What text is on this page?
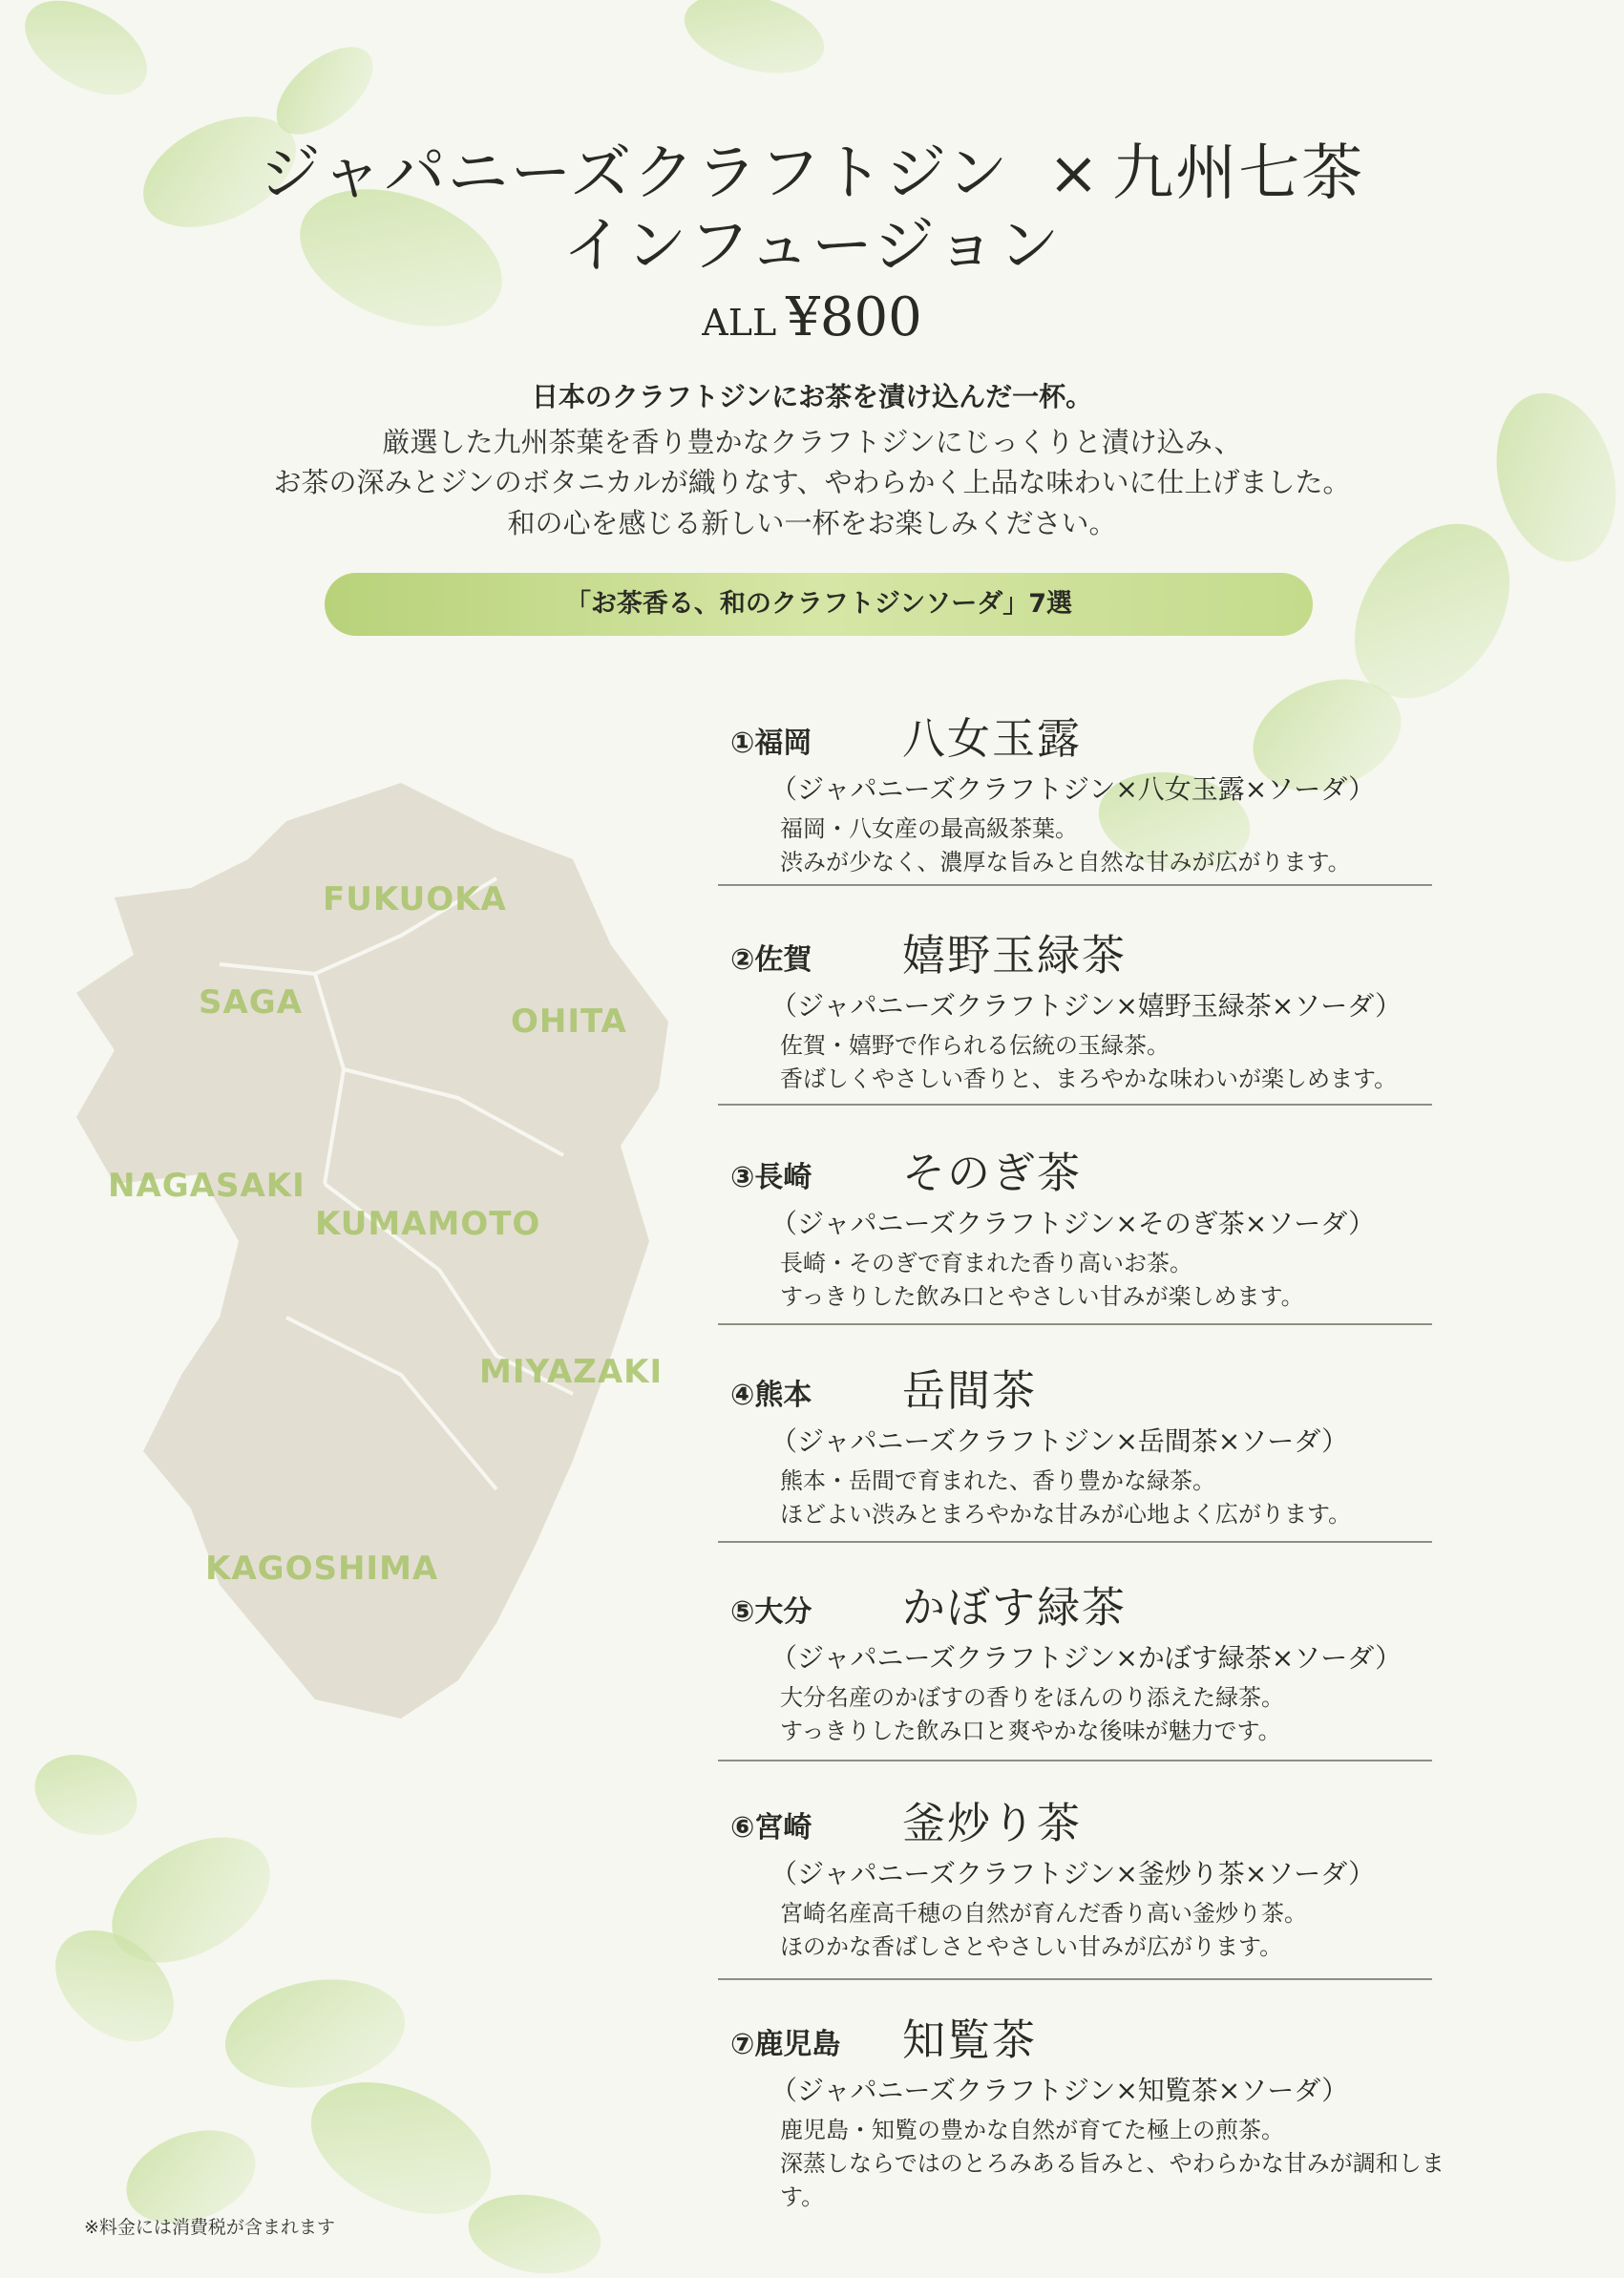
FUKUOKA
SAGA	OHITA
NAGASAKI
KUMAMOTO
MIYAZAKI
KAGOSHIMA
ジャパニーズクラフトジン × 九州七茶
インフュージョン
ALL ¥800
日本のクラフトジンにお茶を漬け込んだ一杯。
厳選した九州茶葉を香り豊かなクラフトジンにじっくりと漬け込み、
お茶の深みとジンのボタニカルが織りなす、やわらかく上品な味わいに仕上げました。
和の心を感じる新しい一杯をお楽しみください。
「お茶香る、和のクラフトジンソーダ」7選
①福岡 八女玉露
（ジャパニーズクラフトジン×八女玉露×ソーダ）
福岡・八女産の最高級茶葉。
渋みが少なく、濃厚な旨みと自然な甘みが広がります。
②佐賀 嬉野玉緑茶
（ジャパニーズクラフトジン×嬉野玉緑茶×ソーダ）
佐賀・嬉野で作られる伝統の玉緑茶。
香ばしくやさしい香りと、まろやかな味わいが楽しめます。
③長崎 そのぎ茶
（ジャパニーズクラフトジン×そのぎ茶×ソーダ）
長崎・そのぎで育まれた香り高いお茶。
すっきりした飲み口とやさしい甘みが楽しめます。
④熊本 岳間茶
（ジャパニーズクラフトジン×岳間茶×ソーダ）
熊本・岳間で育まれた、香り豊かな緑茶。
ほどよい渋みとまろやかな甘みが心地よく広がります。
⑤大分 かぼす緑茶
（ジャパニーズクラフトジン×かぼす緑茶×ソーダ）
大分名産のかぼすの香りをほんのり添えた緑茶。
すっきりした飲み口と爽やかな後味が魅力です。
⑥宮崎 釜炒り茶
（ジャパニーズクラフトジン×釜炒り茶×ソーダ）
宮崎名産高千穂の自然が育んだ香り高い釜炒り茶。
ほのかな香ばしさとやさしい甘みが広がります。
⑦鹿児島 知覧茶
（ジャパニーズクラフトジン×知覧茶×ソーダ）
鹿児島・知覧の豊かな自然が育てた極上の煎茶。
深蒸しならではのとろみある旨みと、やわらかな甘みが調和します。
※料金には消費税が含まれます
